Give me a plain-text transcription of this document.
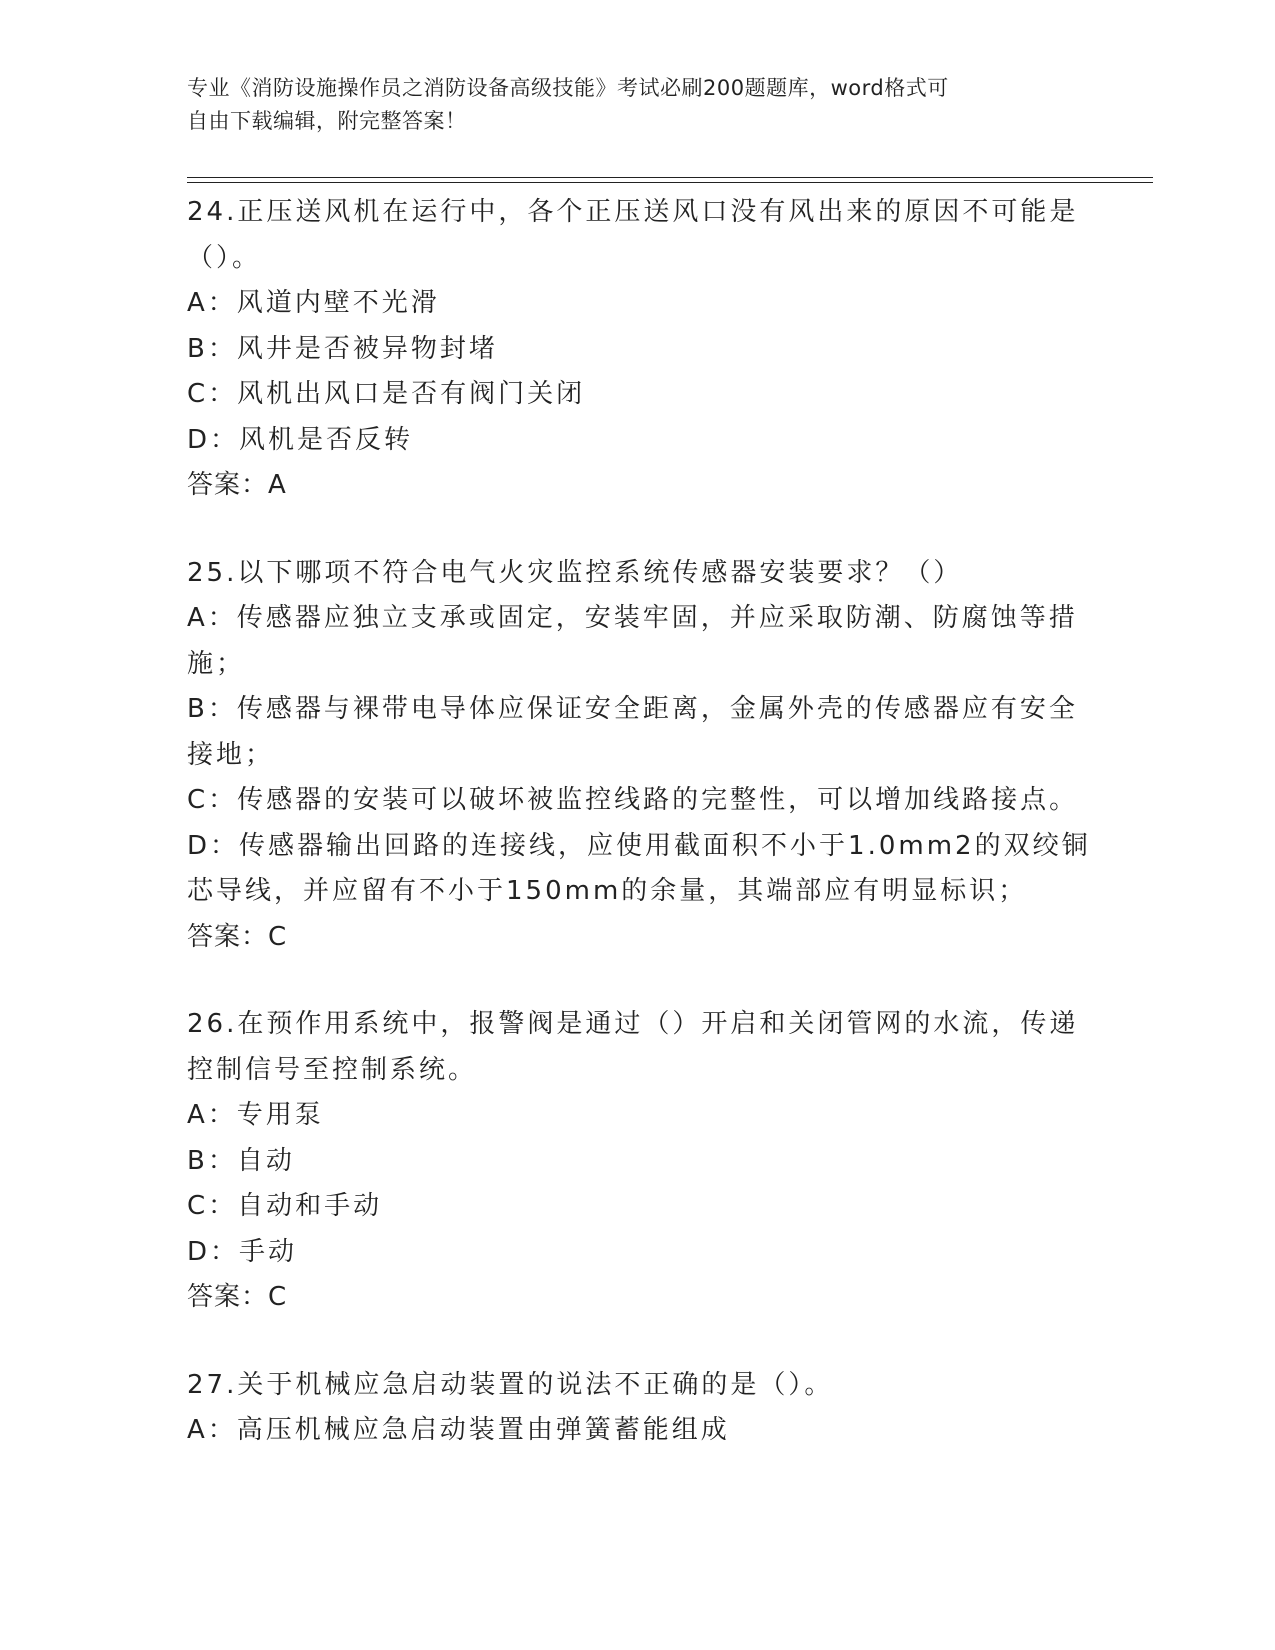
专业《消防设施操作员之消防设备高级技能》考试必刷200题题库，word格式可
自由下载编辑，附完整答案！
24.正压送风机在运行中，各个正压送风口没有风出来的原因不可能是
（）。
A：风道内壁不光滑
B：风井是否被异物封堵
C：风机出风口是否有阀门关闭
D：风机是否反转
答案：A
25.以下哪项不符合电气火灾监控系统传感器安装要求？（）
A：传感器应独立支承或固定，安装牢固，并应采取防潮、防腐蚀等措
施；
B：传感器与裸带电导体应保证安全距离，金属外壳的传感器应有安全
接地；
C：传感器的安装可以破坏被监控线路的完整性，可以增加线路接点。
D：传感器输出回路的连接线，应使用截面积不小于1.0mm2的双绞铜
芯导线，并应留有不小于150mm的余量，其端部应有明显标识；
答案：C
26.在预作用系统中，报警阀是通过（）开启和关闭管网的水流，传递
控制信号至控制系统。
A：专用泵
B：自动
C：自动和手动
D：手动
答案：C
27.关于机械应急启动装置的说法不正确的是（）。
A：高压机械应急启动装置由弹簧蓄能组成
